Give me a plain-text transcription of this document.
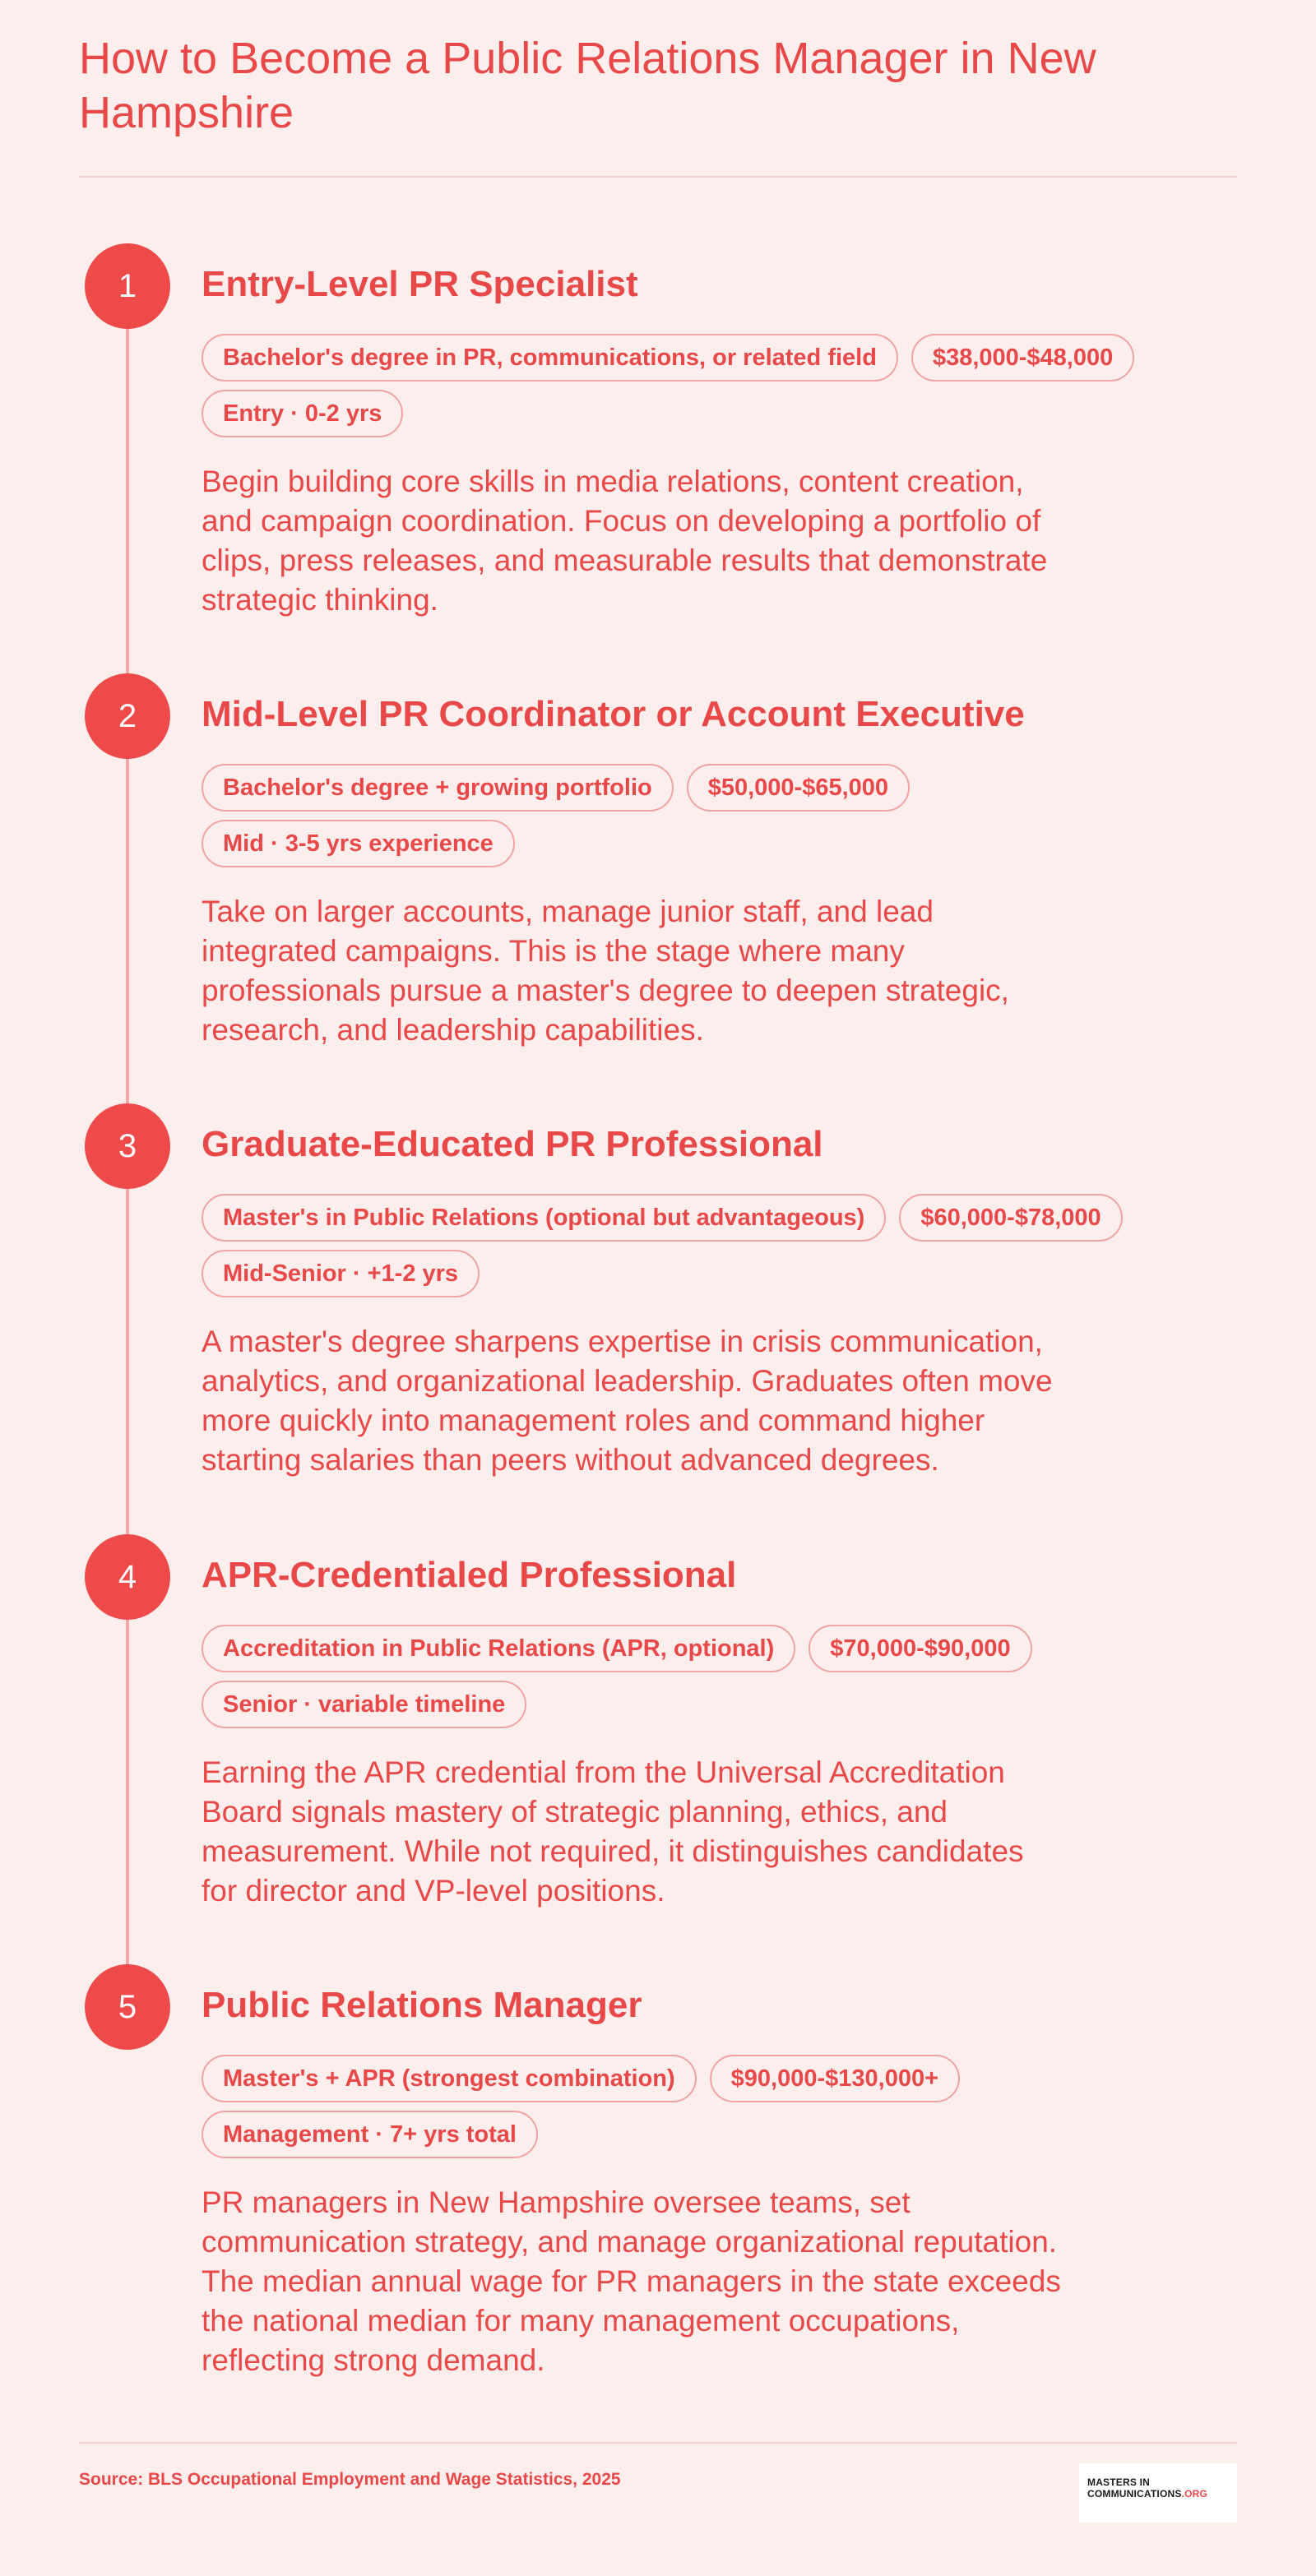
How to Become a Public Relations Manager in New Hampshire
1	Entry-Level PR Specialist
Bachelor's degree in PR, communications, or related field	$38,000-$48,000
Entry · 0-2 yrs

Begin building core skills in media relations, content creation, and campaign coordination. Focus on developing a portfolio of clips, press releases, and measurable results that demonstrate strategic thinking.

2	Mid-Level PR Coordinator or Account Executive
Bachelor's degree + growing portfolio	$50,000-$65,000
Mid · 3-5 yrs experience

Take on larger accounts, manage junior staff, and lead integrated campaigns. This is the stage where many professionals pursue a master's degree to deepen strategic, research, and leadership capabilities.

3	Graduate-Educated PR Professional
Master's in Public Relations (optional but advantageous)	$60,000-$78,000
Mid-Senior · +1-2 yrs

A master's degree sharpens expertise in crisis communication, analytics, and organizational leadership. Graduates often move more quickly into management roles and command higher starting salaries than peers without advanced degrees.

4	APR-Credentialed Professional
Accreditation in Public Relations (APR, optional)	$70,000-$90,000
Senior · variable timeline

Earning the APR credential from the Universal Accreditation Board signals mastery of strategic planning, ethics, and measurement. While not required, it distinguishes candidates for director and VP-level positions.

5	Public Relations Manager
Master's + APR (strongest combination)	$90,000-$130,000+
Management · 7+ yrs total

PR managers in New Hampshire oversee teams, set communication strategy, and manage organizational reputation. The median annual wage for PR managers in the state exceeds the national median for many management occupations, reflecting strong demand.

Source: BLS Occupational Employment and Wage Statistics, 2025	MASTERS IN
COMMUNICATIONS.ORG
